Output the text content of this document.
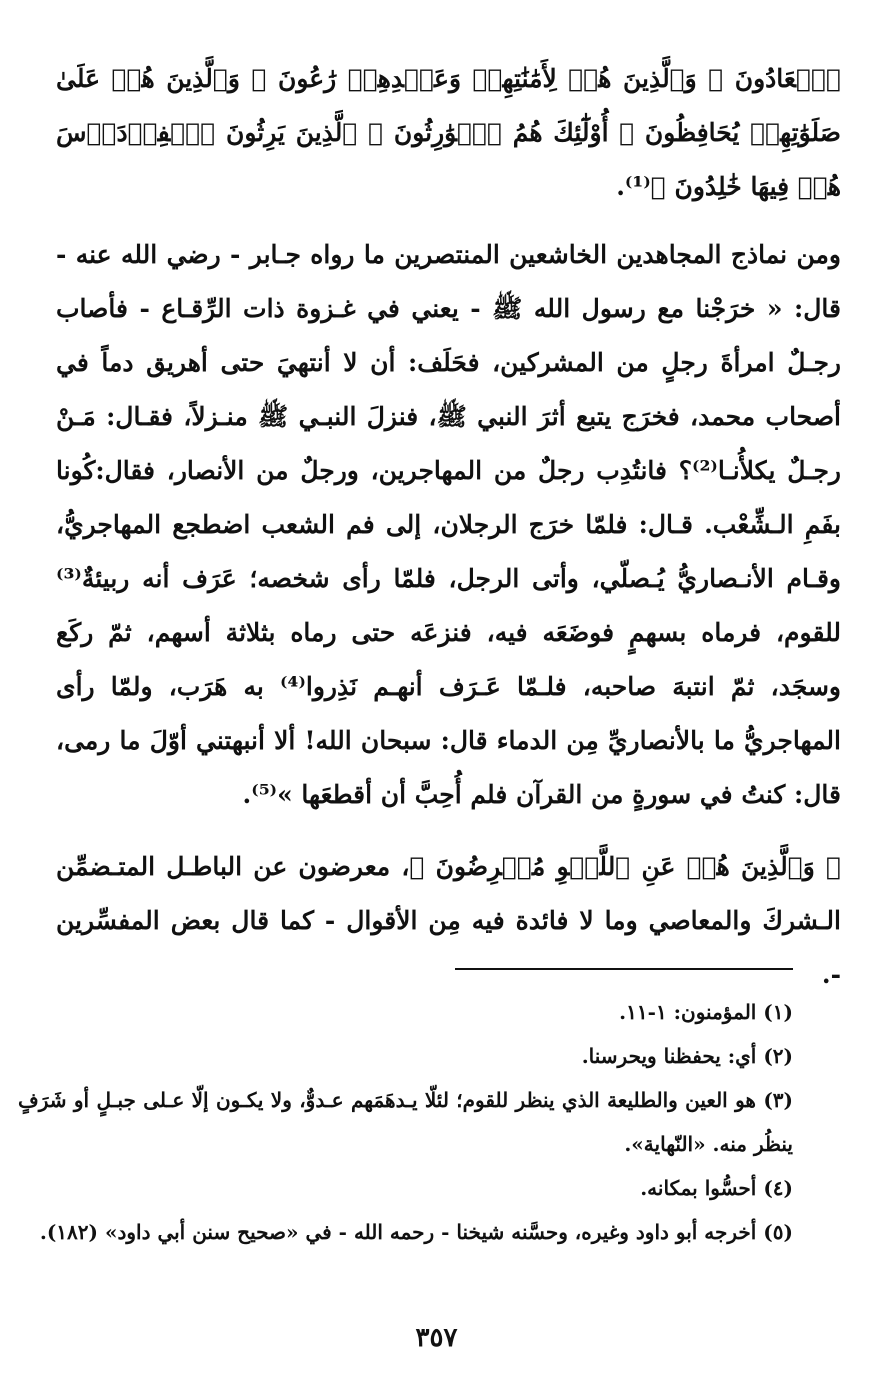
ٱلۡعَادُونَ ۞ وَٱلَّذِينَ هُمۡ لِأَمَٰنَٰتِهِمۡ وَعَهۡدِهِمۡ رَٰعُونَ ۞ وَٱلَّذِينَ هُمۡ عَلَىٰ صَلَوَٰتِهِمۡ يُحَافِظُونَ ۞ أُوْلَٰٓئِكَ هُمُ ٱلۡوَٰرِثُونَ ۞ ٱلَّذِينَ يَرِثُونَ ٱلۡفِرۡدَوۡسَ هُمۡ فِيهَا خَٰلِدُونَ ﴾⁽¹⁾.

ومن نماذج المجاهدين الخاشعين المنتصرين ما رواه جـابر - رضي الله عنه - قال: « خرَجْنا مع رسول الله ﷺ - يعني في غـزوة ذات الرِّقـاع - فأصاب رجـلٌ امرأةَ رجلٍ من المشركين، فحَلَف: أن لا أنتهيَ حتى أهريق دماً في أصحاب محمد، فخرَج يتبع أثرَ النبي ﷺ، فنزلَ النبـي ﷺ منـزلاً، فقـال: مَـنْ رجـلٌ يكلأُنـا⁽²⁾؟ فانتُدِب رجلٌ من المهاجرين، ورجلٌ من الأنصار، فقال:كُونا بفَمِ الـشِّعْب. قـال: فلمّا خرَج الرجلان، إلى فم الشعب اضطجع المهاجريُّ، وقـام الأنـصاريُّ يُـصلّي، وأتى الرجل، فلمّا رأى شخصه؛ عَرَف أنه ربيئةٌ⁽³⁾ للقوم، فرماه بسهمٍ فوضَعَه فيه، فنزعَه حتى رماه بثلاثة أسهم، ثمّ ركَع وسجَد، ثمّ انتبهَ صاحبه، فلـمّا عَـرَف أنهـم نَذِروا⁽⁴⁾ به هَرَب، ولمّا رأى المهاجريُّ ما بالأنصاريِّ مِن الدماء قال: سبحان الله! ألا أنبهتني أوّلَ ما رمى، قال: كنتُ في سورةٍ من القرآن فلم أُحِبَّ أن أقطعَها »⁽⁵⁾.

﴿ وَٱلَّذِينَ هُمۡ عَنِ ٱللَّغۡوِ مُعۡرِضُونَ ﴾، معرضون عن الباطـل المتـضمِّن الـشركَ والمعاصي وما لا فائدة فيه مِن الأقوال - كما قال بعض المفسِّرين -.

(١) المؤمنون: ١-١١.

(٢) أي: يحفظنا ويحرسنا.

(٣) هو العين والطليعة الذي ينظر للقوم؛ لئلّا يـدهَمَهم عـدوٌّ، ولا يكـون إلّا عـلى جبـلٍ أو شَرَفٍ ينظُر منه. «النّهاية».

(٤) أحسُّوا بمكانه.

(٥) أخرجه أبو داود وغيره، وحسَّنه شيخنا - رحمه الله - في «صحيح سنن أبي داود» (١٨٢).

٣٥٧
